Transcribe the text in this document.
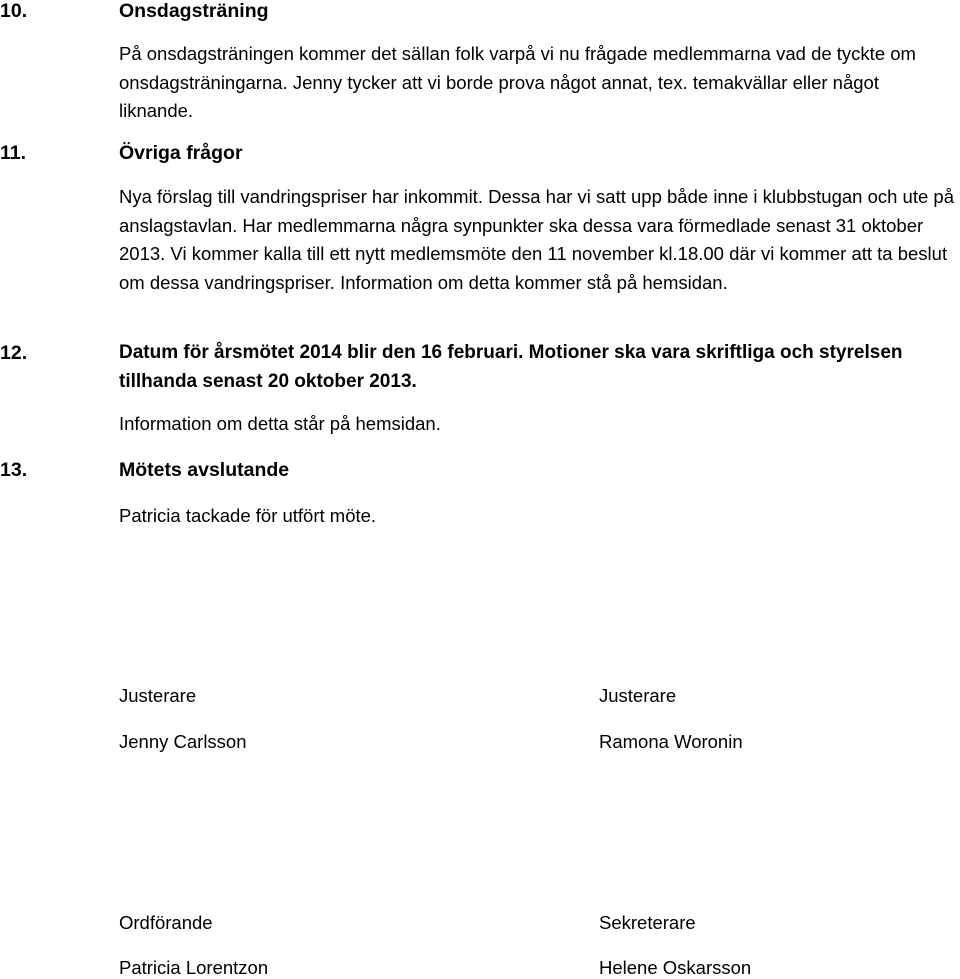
10.	Onsdagsträning
På onsdagsträningen kommer det sällan folk varpå vi nu frågade medlemmarna vad de tyckte om onsdagsträningarna. Jenny tycker att vi borde prova något annat, tex. temakvällar eller något liknande.
11.	Övriga frågor
Nya förslag till vandringspriser har inkommit. Dessa har vi satt upp både inne i klubbstugan och ute på anslagstavlan. Har medlemmarna några synpunkter ska dessa vara förmedlade senast 31 oktober 2013. Vi kommer kalla till ett nytt medlemsmöte den 11 november kl.18.00 där vi kommer att ta beslut om dessa vandringspriser. Information om detta kommer stå på hemsidan.
12.	Datum för årsmötet 2014 blir den 16 februari. Motioner ska vara skriftliga och styrelsen tillhanda senast 20 oktober 2013.
Information om detta står på hemsidan.
13.	Mötets avslutande
Patricia tackade för utfört möte.
Justerare
Jenny Carlsson
Justerare
Ramona Woronin
Ordförande
Patricia Lorentzon
Sekreterare
Helene Oskarsson
